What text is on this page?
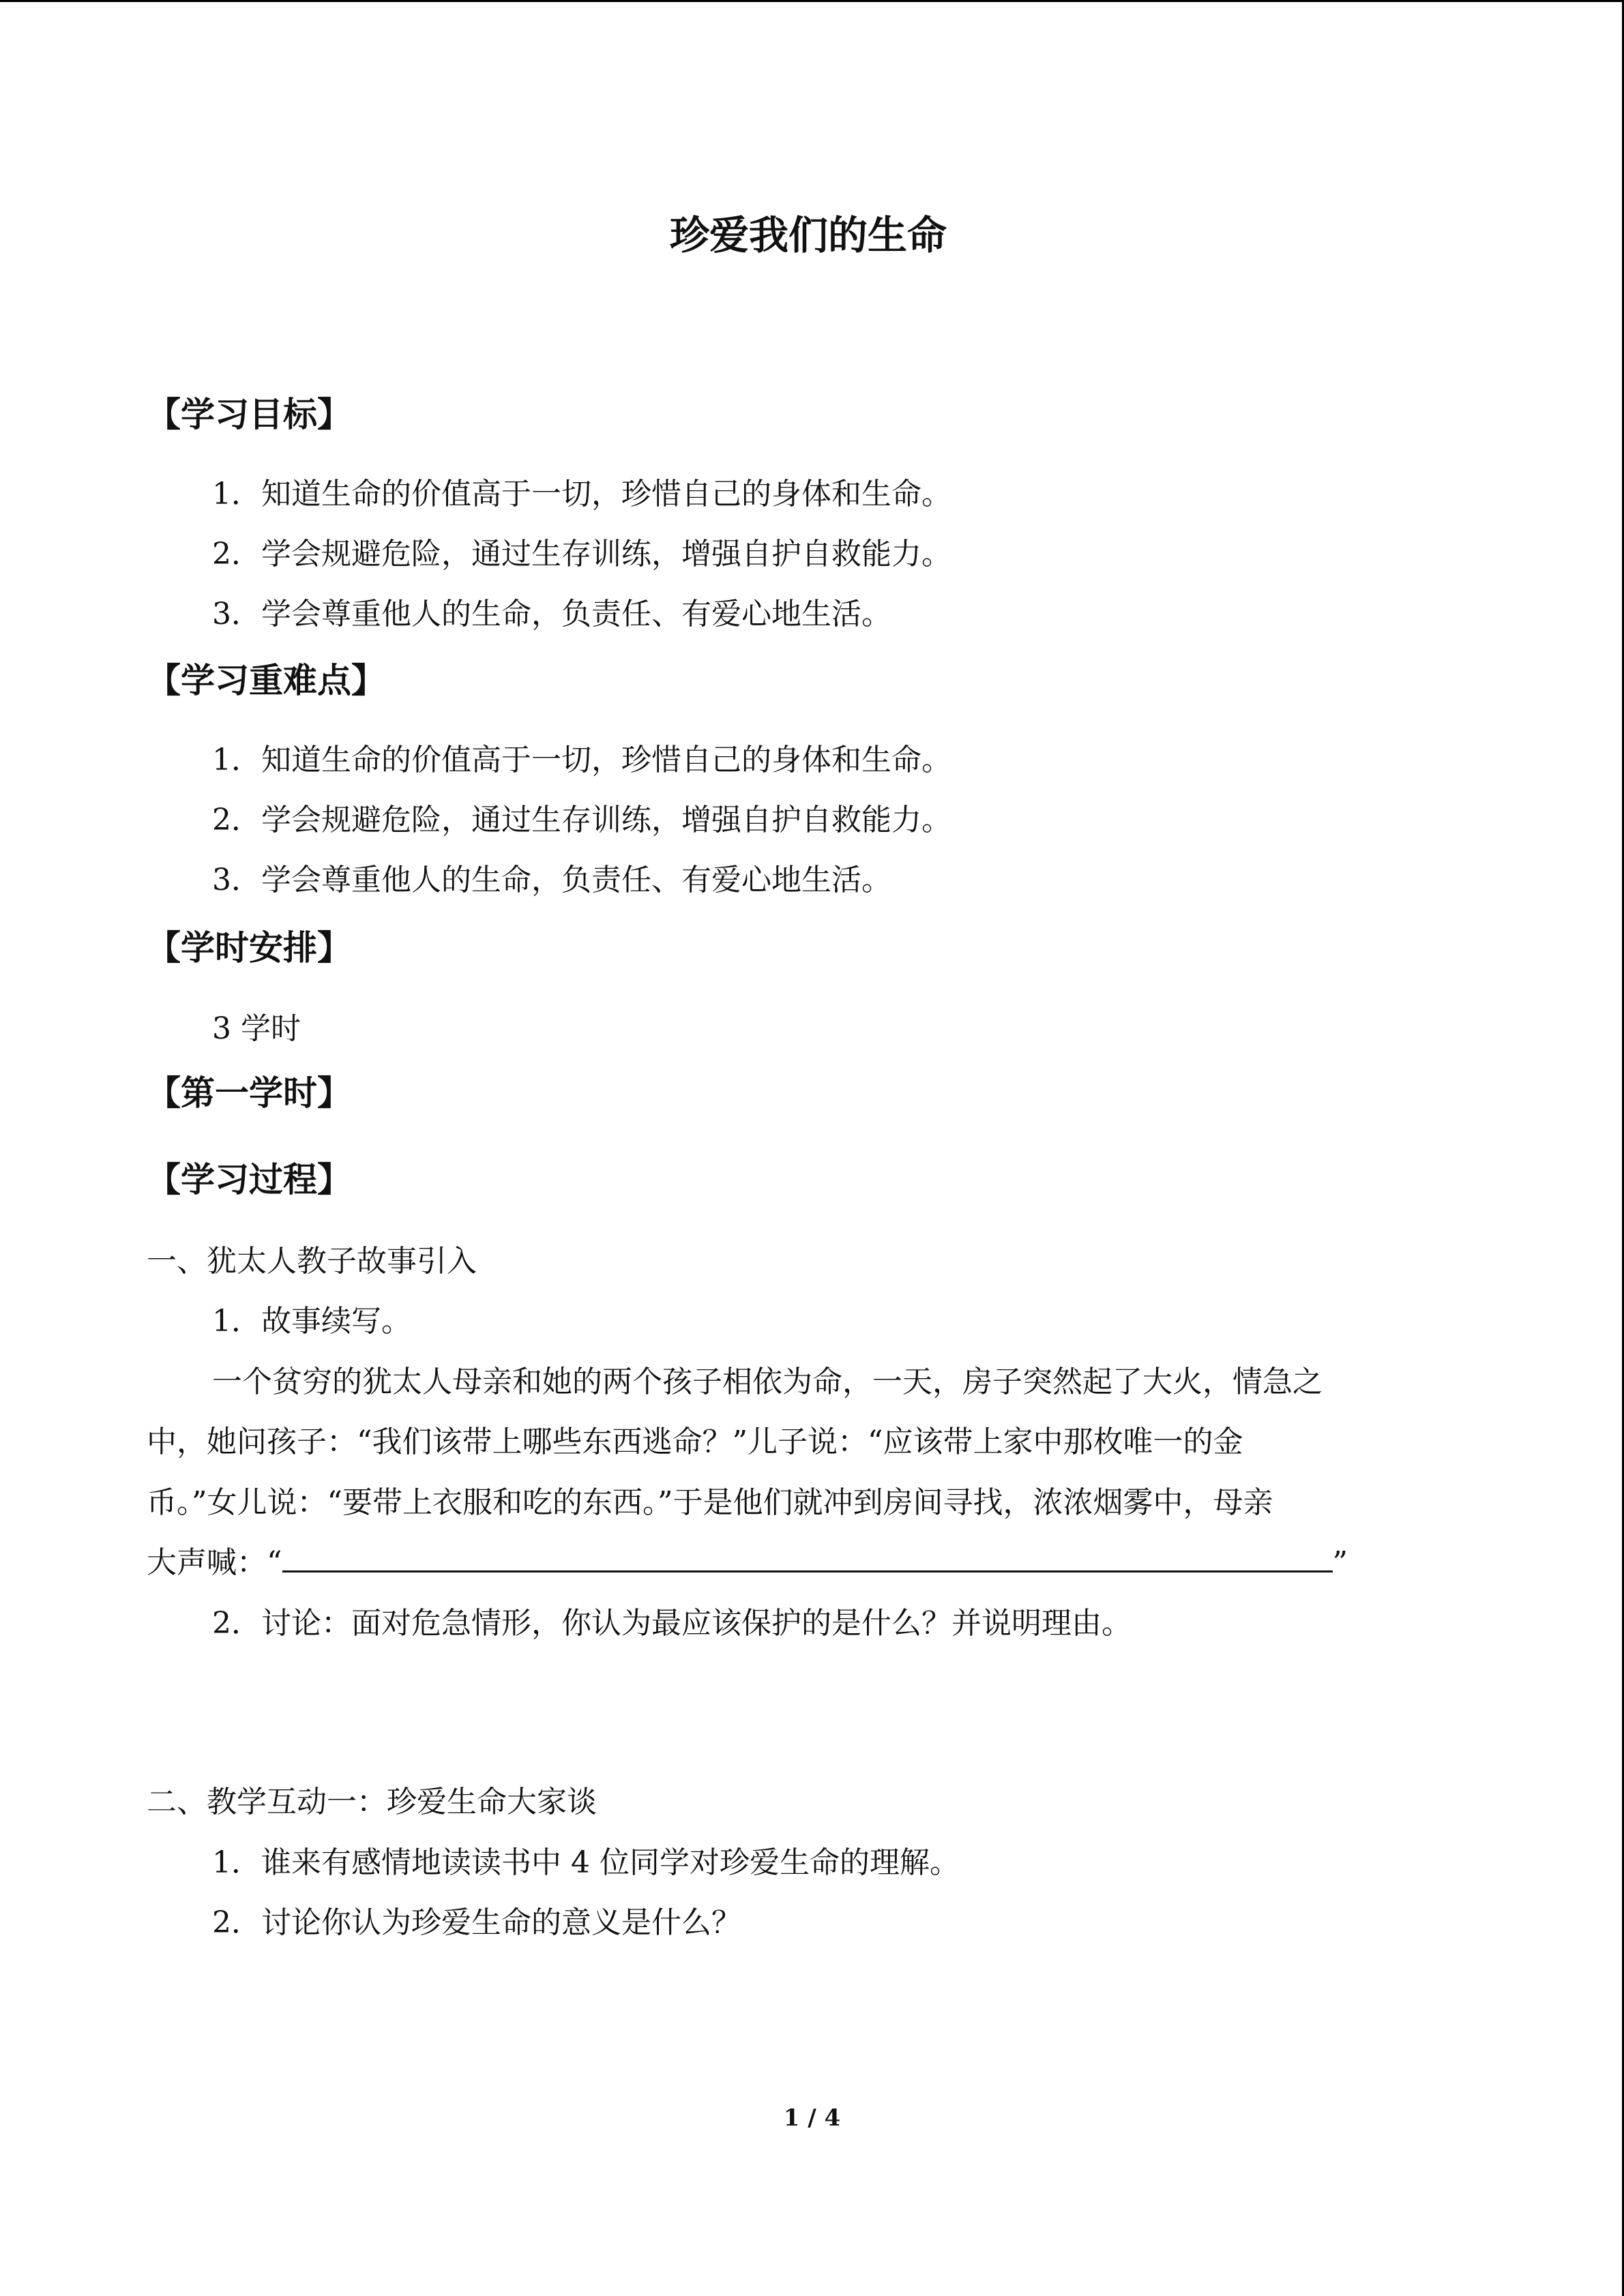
珍爱我们的生命
【学习目标】
1．知道生命的价值高于一切，珍惜自己的身体和生命。
2．学会规避危险，通过生存训练，增强自护自救能力。
3．学会尊重他人的生命，负责任、有爱心地生活。
【学习重难点】
1．知道生命的价值高于一切，珍惜自己的身体和生命。
2．学会规避危险，通过生存训练，增强自护自救能力。
3．学会尊重他人的生命，负责任、有爱心地生活。
【学时安排】
3 学时
【第一学时】
【学习过程】
一、犹太人教子故事引入
1．故事续写。
一个贫穷的犹太人母亲和她的两个孩子相依为命，一天，房子突然起了大火，情急之
中，她问孩子：“我们该带上哪些东西逃命？”儿子说：“应该带上家中那枚唯一的金
币。”女儿说：“要带上衣服和吃的东西。”于是他们就冲到房间寻找，浓浓烟雾中，母亲
大声喊：“	”
2．讨论：面对危急情形，你认为最应该保护的是什么？并说明理由。
二、教学互动一：珍爱生命大家谈
1．谁来有感情地读读书中 4 位同学对珍爱生命的理解。
2．讨论你认为珍爱生命的意义是什么？
1 / 4
